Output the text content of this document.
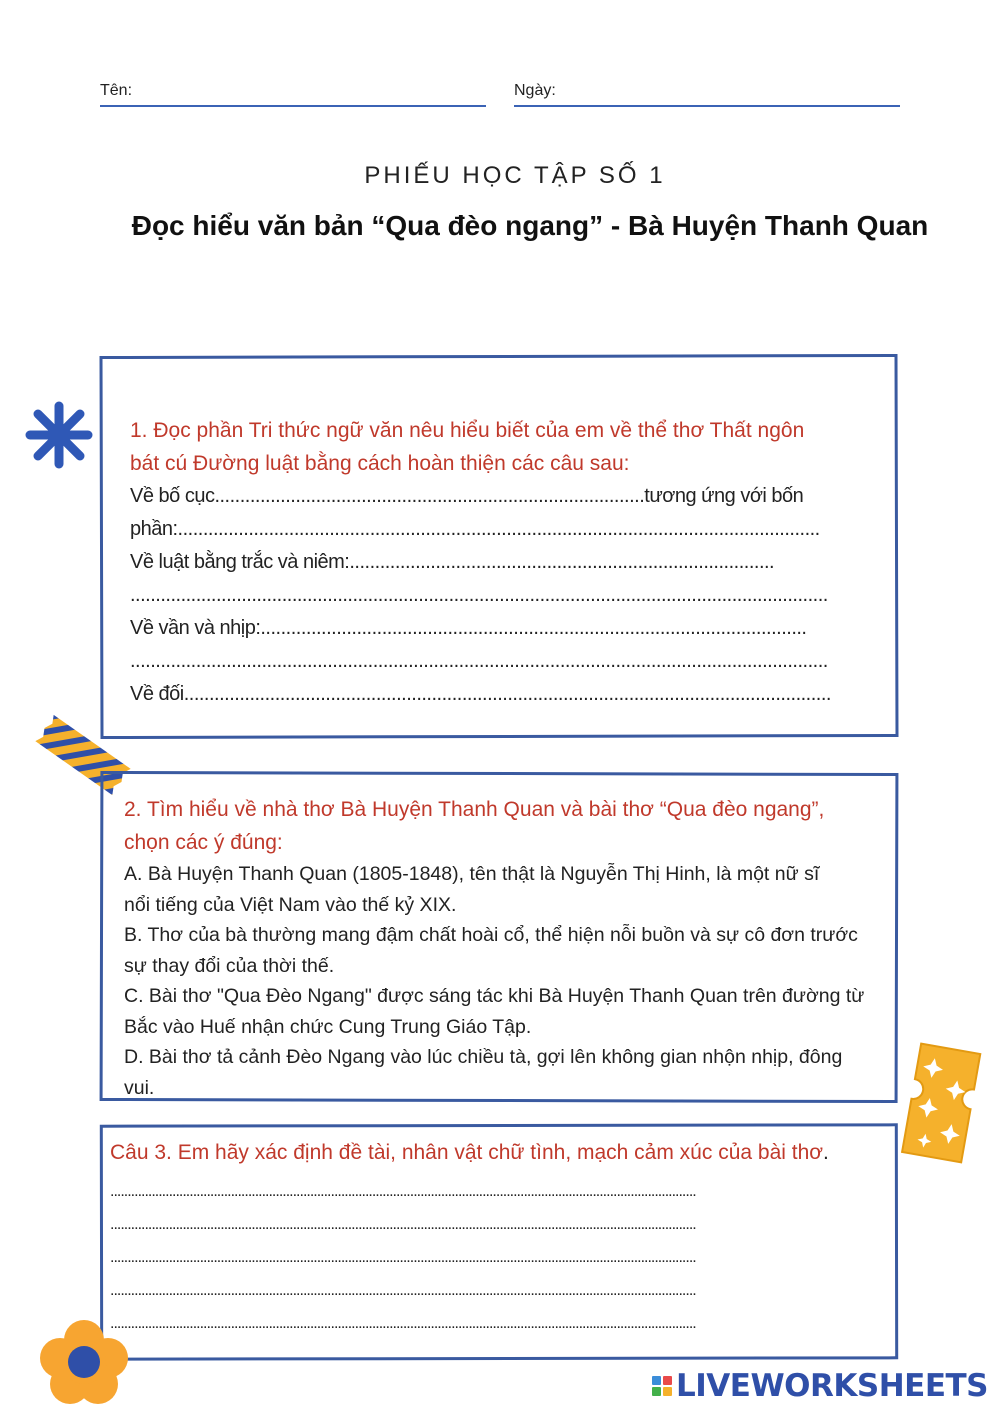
Tên:	Ngày:
PHIẾU HỌC TẬP SỐ 1
Đọc hiểu văn bản “Qua đèo ngang” - Bà Huyện Thanh Quan
1. Đọc phần Tri thức ngữ văn nêu hiểu biết của em về thể thơ Thất ngôn
bát cú Đường luật bằng cách hoàn thiện các câu sau:
Về bố cục.....................................................................................tương ứng với bốn
phần:...............................................................................................................................
Về luật bằng trắc và niêm:....................................................................................
..........................................................................................................................................
Về vần và nhịp:............................................................................................................
..........................................................................................................................................
Về đối................................................................................................................................
2. Tìm hiểu về nhà thơ Bà Huyện Thanh Quan và bài thơ “Qua đèo ngang”,
chọn các ý đúng:
A. Bà Huyện Thanh Quan (1805-1848), tên thật là Nguyễn Thị Hinh, là một nữ sĩ
nổi tiếng của Việt Nam vào thế kỷ XIX.
B. Thơ của bà thường mang đậm chất hoài cổ, thể hiện nỗi buồn và sự cô đơn trước
sự thay đổi của thời thế.
C. Bài thơ "Qua Đèo Ngang" được sáng tác khi Bà Huyện Thanh Quan trên đường từ
Bắc vào Huế nhận chức Cung Trung Giáo Tập.
D. Bài thơ tả cảnh Đèo Ngang vào lúc chiều tà, gợi lên không gian nhộn nhịp, đông
vui.
Câu 3. Em hãy xác định đề tài, nhân vật chữ tình, mạch cảm xúc của bài thơ.
..........................................................................................................................................................................
..........................................................................................................................................................................
..........................................................................................................................................................................
..........................................................................................................................................................................
..........................................................................................................................................................................
LIVEWORKSHEETS
